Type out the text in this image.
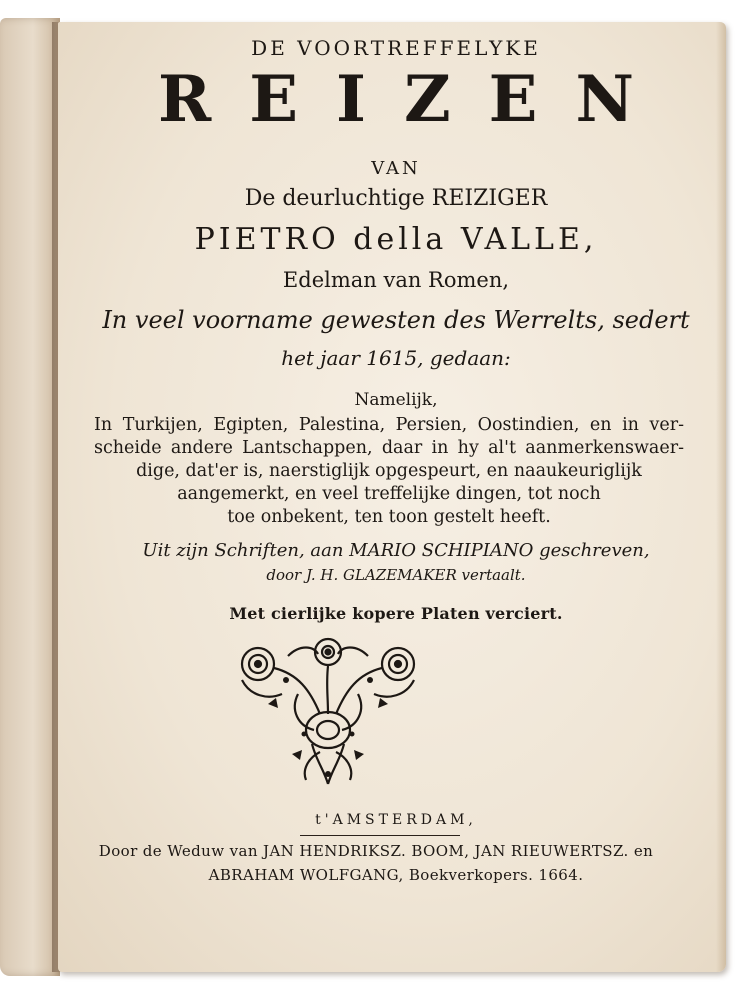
DE VOORTREFFELYKE
REIZEN
VAN
De deurluchtige REIZIGER
PIETRO della VALLE,
Edelman van Romen,
In veel voorname gewesten des Werrelts, sedert
het jaar 1615, gedaan:
Namelijk,
In Turkijen, Egipten, Palestina, Persien, Oostindien, en in ver-
scheide andere Lantschappen, daar in hy al't aanmerkenswaer-
dige, dat'er is, naerstiglijk opgespeurt, en naaukeuriglijk
aangemerkt, en veel treffelijke dingen, tot noch
toe onbekent, ten toon gestelt heeft.
Uit zijn Schriften, aan MARIO SCHIPIANO geschreven,
door J. H. GLAZEMAKER vertaalt.
Met cierlijke kopere Platen verciert.
t'AMSTERDAM,
Door de Weduw van JAN HENDRIKSZ. BOOM, JAN RIEUWERTSZ. en
ABRAHAM WOLFGANG, Boekverkopers. 1664.
